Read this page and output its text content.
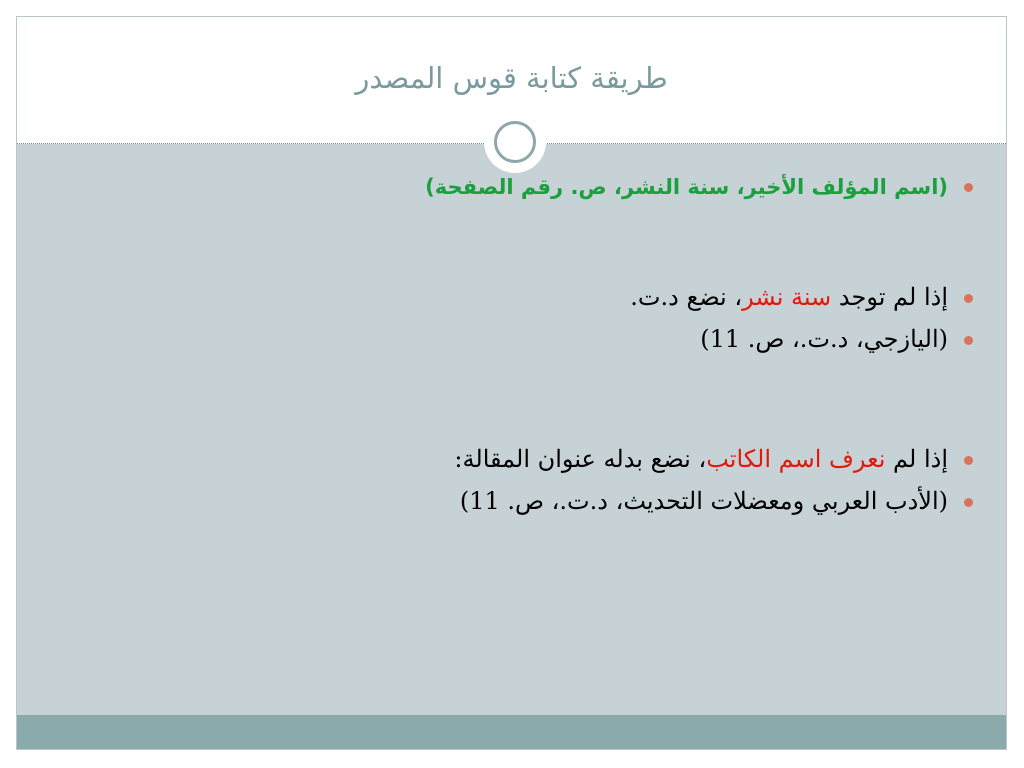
طريقة كتابة قوس المصدر
(اسم المؤلف الأخير، سنة النشر، ص. رقم الصفحة)
إذا لم توجد سنة نشر، نضع د.ت.
(اليازجي، د.ت.، ص. 11)
إذا لم نعرف اسم الكاتب، نضع بدله عنوان المقالة:
(الأدب العربي ومعضلات التحديث، د.ت.، ص. 11)
